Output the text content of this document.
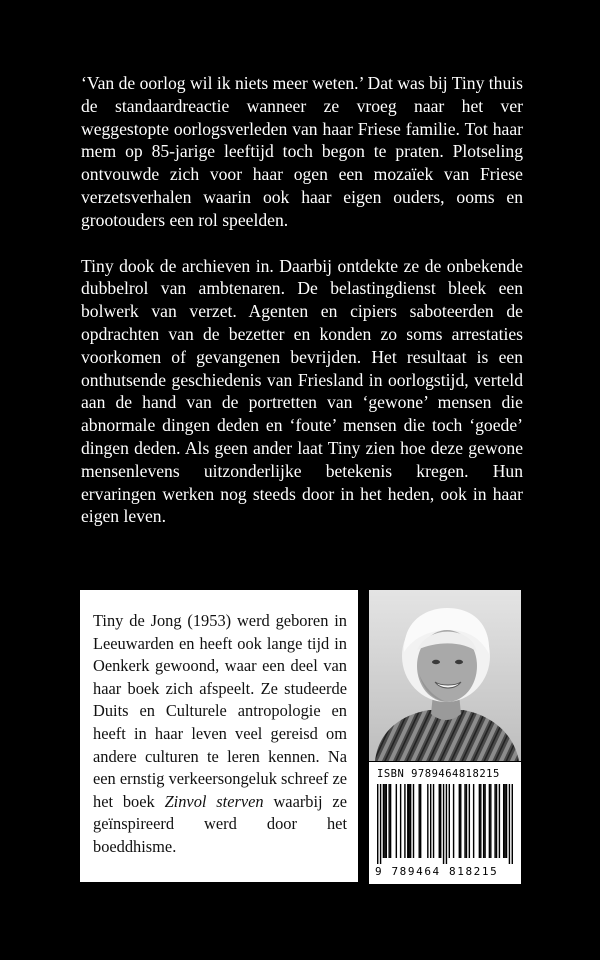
‘Van de oorlog wil ik niets meer weten.’ Dat was bij Tiny thuis de standaardreactie wanneer ze vroeg naar het ver weggestopte oorlogsverleden van haar Friese familie. Tot haar mem op 85-jarige leeftijd toch begon te praten. Plotseling ontvouwde zich voor haar ogen een mozaïek van Friese verzetsverhalen waarin ook haar eigen ouders, ooms en grootouders een rol speelden.

Tiny dook de archieven in. Daarbij ontdekte ze de onbekende dubbelrol van ambtenaren. De belastingdienst bleek een bolwerk van verzet. Agenten en cipiers saboteerden de opdrachten van de bezetter en konden zo soms arrestaties voorkomen of gevangenen bevrijden. Het resultaat is een onthutsende geschiedenis van Friesland in oorlogstijd, verteld aan de hand van de portretten van ‘gewone’ mensen die abnormale dingen deden en ‘foute’ mensen die toch ‘goede’ dingen deden. Als geen ander laat Tiny zien hoe deze gewone mensenlevens uitzonderlijke betekenis kregen. Hun ervaringen werken nog steeds door in het heden, ook in haar eigen leven.

Tiny de Jong (1953) werd geboren in Leeuwarden en heeft ook lange tijd in Oenkerk gewoond, waar een deel van haar boek zich afspeelt. Ze studeerde Duits en Culturele antropologie en heeft in haar leven veel gereisd om andere culturen te leren kennen. Na een ernstig verkeersongeluk schreef ze het boek Zinvol sterven waarbij ze geïnspireerd werd door het boeddhisme.
ISBN 9789464818215
9 789464 818215
